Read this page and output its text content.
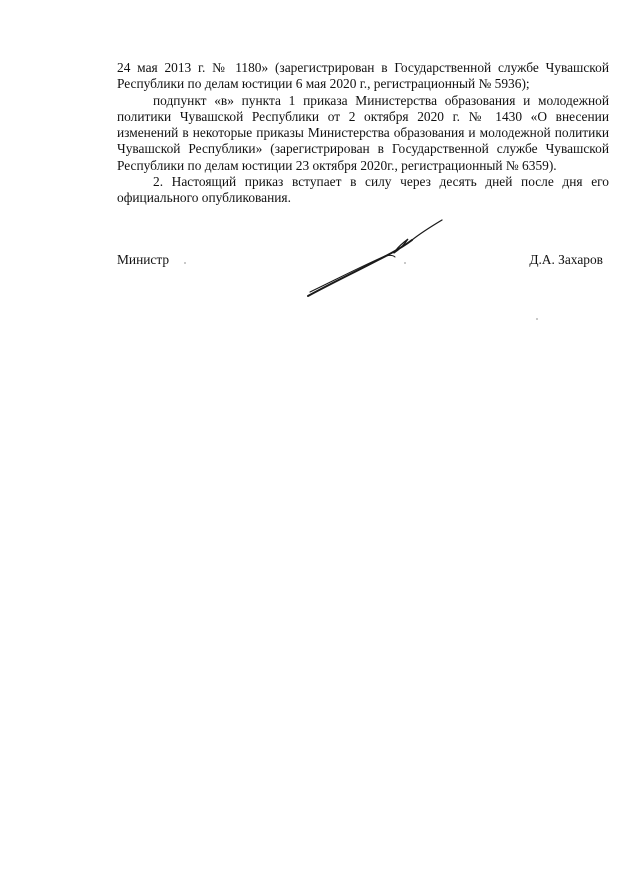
24 мая 2013 г. № 1180» (зарегистрирован в Государственной службе Чувашской Республики по делам юстиции 6 мая 2020 г., регистрационный № 5936);

подпункт «в» пункта 1 приказа Министерства образования и молодежной политики Чувашской Республики от 2 октября 2020 г. № 1430 «О внесении изменений в некоторые приказы Министерства образования и молодежной политики Чувашской Республики» (зарегистрирован в Государственной службе Чувашской Республики по делам юстиции 23 октября 2020г., регистрационный № 6359).

2. Настоящий приказ вступает в силу через десять дней после дня его официального опубликования.

Министр	Д.А. Захаров
